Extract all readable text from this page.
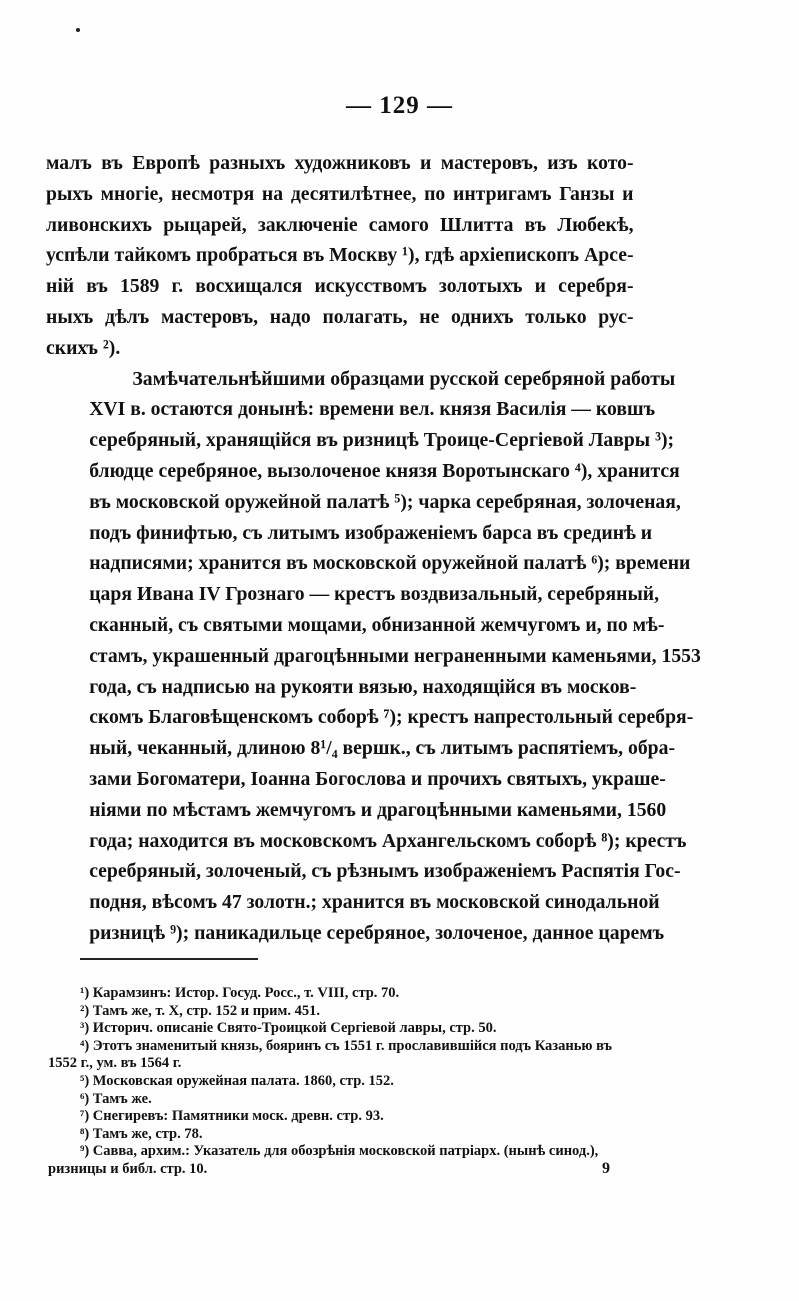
— 129 —

малъ въ Европѣ разныхъ художниковъ и мастеровъ, изъ кото-
рыхъ многіе, несмотря на десятилѣтнее, по интригамъ Ганзы и
ливонскихъ рыцарей, заключеніе самого Шлитта въ Любекѣ,
успѣли тайкомъ пробраться въ Москву ¹), гдѣ архіепископъ Арсе-
ній въ 1589 г. восхищался искусствомъ золотыхъ и серебря-
ныхъ дѣлъ мастеровъ, надо полагать, не однихъ только рус-
скихъ ²).

Замѣчательнѣйшими образцами русской серебряной работы
XVI в. остаются донынѣ: времени вел. князя Василія — ковшъ
серебряный, хранящійся въ ризницѣ Троице-Сергіевой Лавры ³);
блюдце серебряное, вызолоченое князя Воротынскаго ⁴), хранится
въ московской оружейной палатѣ ⁵); чарка серебряная, золоченая,
подъ финифтью, съ литымъ изображеніемъ барса въ срединѣ и
надписями; хранится въ московской оружейной палатѣ ⁶); времени
царя Ивана IV Грознаго — крестъ воздвизальный, серебряный,
сканный, съ святыми мощами, обнизанной жемчугомъ и, по мѣ-
стамъ, украшенный драгоцѣнными неграненными каменьями, 1553
года, съ надписью на рукояти вязью, находящійся въ москов-
скомъ Благовѣщенскомъ соборѣ ⁷); крестъ напрестольный серебря-
ный, чеканный, длиною 8¹/₄ вершк., съ литымъ распятіемъ, обра-
зами Богоматери, Іоанна Богослова и прочихъ святыхъ, украше-
ніями по мѣстамъ жемчугомъ и драгоцѣнными каменьями, 1560
года; находится въ московскомъ Архангельскомъ соборѣ ⁸); крестъ
серебряный, золоченый, съ рѣзнымъ изображеніемъ Распятія Гос-
подня, вѣсомъ 47 золотн.; хранится въ московской синодальной
ризницѣ ⁹); паникадильце серебряное, золоченое, данное царемъ

¹) Карамзинъ: Истор. Госуд. Росс., т. VIII, стр. 70.
²) Тамъ же, т. X, стр. 152 и прим. 451.
³) Историч. описаніе Свято-Троицкой Сергіевой лавры, стр. 50.
⁴) Этотъ знаменитый князь, бояринъ съ 1551 г. прославившійся подъ Казанью въ
1552 г., ум. въ 1564 г.
⁵) Московская оружейная палата. 1860, стр. 152.
⁶) Тамъ же.
⁷) Снегиревъ: Памятники моск. древн. стр. 93.
⁸) Тамъ же, стр. 78.
⁹) Савва, архим.: Указатель для обозрѣнія московской патріарх. (нынѣ синод.),
ризницы и библ. стр. 10.	9
